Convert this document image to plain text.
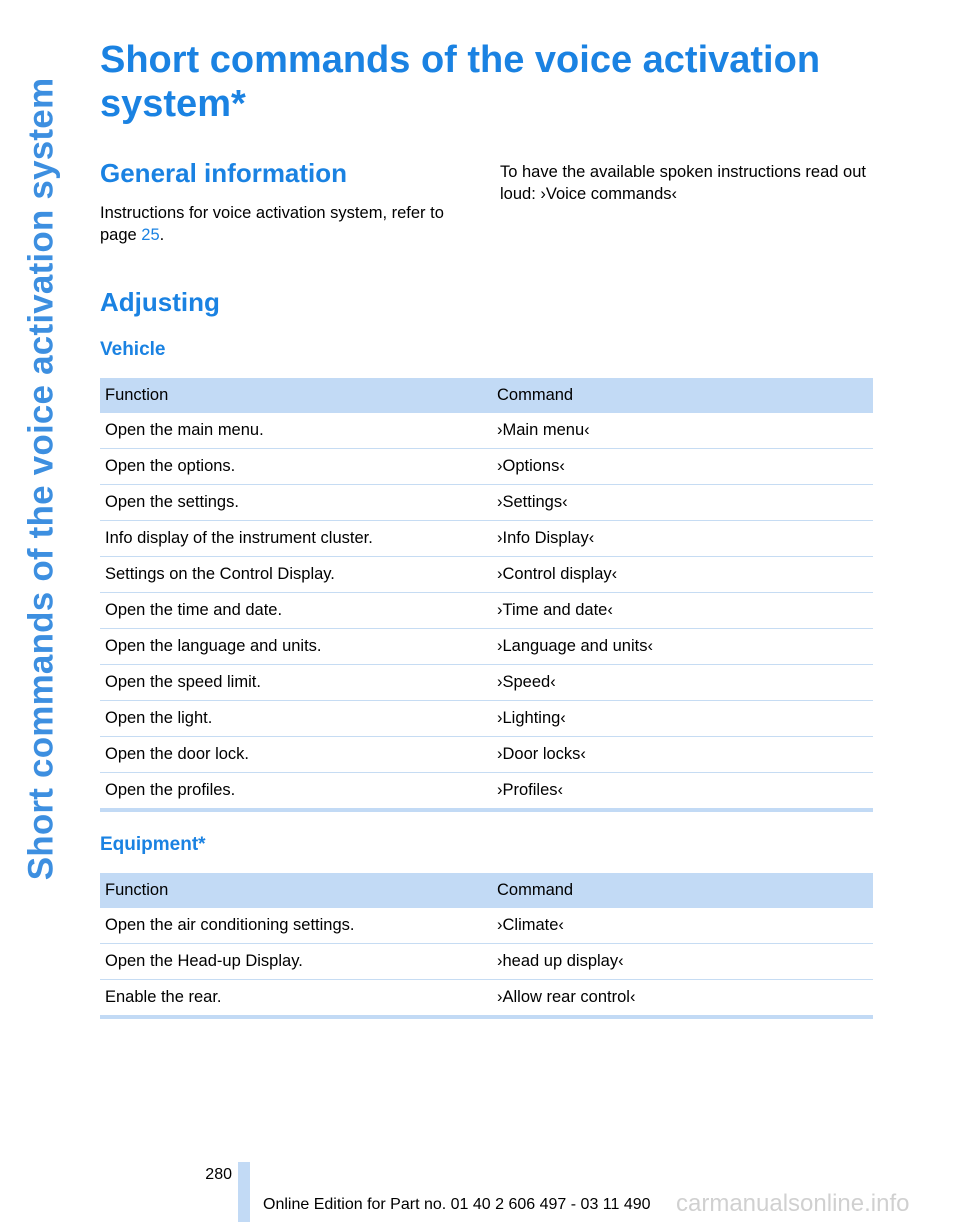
Short commands of the voice activation system
Short commands of the voice activation system*
General information

Instructions for voice activation system, refer to page 25.

To have the available spoken instructions read out loud: ›Voice commands‹

Adjusting
Vehicle
Function	Command
Open the main menu.	›Main menu‹
Open the options.	›Options‹
Open the settings.	›Settings‹
Info display of the instrument cluster.	›Info Display‹
Settings on the Control Display.	›Control display‹
Open the time and date.	›Time and date‹
Open the language and units.	›Language and units‹
Open the speed limit.	›Speed‹
Open the light.	›Lighting‹
Open the door lock.	›Door locks‹
Open the profiles.	›Profiles‹
Equipment*
Function	Command
Open the air conditioning settings.	›Climate‹
Open the Head-up Display.	›head up display‹
Enable the rear.	›Allow rear control‹
280
Online Edition for Part no. 01 40 2 606 497 - 03 11 490 carmanualsonline.info
